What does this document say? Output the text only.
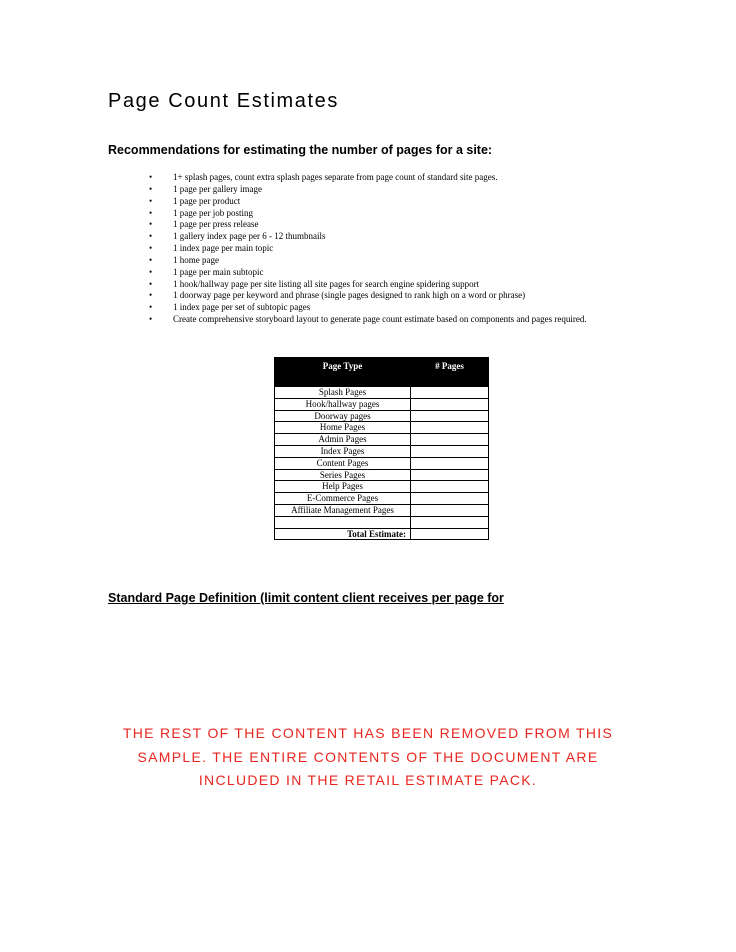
Page Count Estimates
Recommendations for estimating the number of pages for a site:
• 1+ splash pages, count extra splash pages separate from page count of standard site pages.
• 1 page per gallery image
• 1 page per product
• 1 page per job posting
• 1 page per press release
• 1 gallery index page per 6 - 12 thumbnails
• 1 index page per main topic
• 1 home page
• 1 page per main subtopic
• 1 hook/hallway page per site listing all site pages for search engine spidering support
• 1 doorway page per keyword and phrase (single pages designed to rank high on a word or phrase)
• 1 index page per set of subtopic pages
• Create comprehensive storyboard layout to generate page count estimate based on components and pages required.
Page Type	# Pages
Splash Pages	
Hook/hallway pages	
Doorway pages	
Home Pages	
Admin Pages	
Index Pages	
Content Pages	
Series Pages	
Help Pages	
E-Commerce Pages	
Affiliate Management Pages	

Total Estimate:	
Standard Page Definition (limit content client receives per page for
THE REST OF THE CONTENT HAS BEEN REMOVED FROM THIS
SAMPLE. THE ENTIRE CONTENTS OF THE DOCUMENT ARE
INCLUDED IN THE RETAIL ESTIMATE PACK.
